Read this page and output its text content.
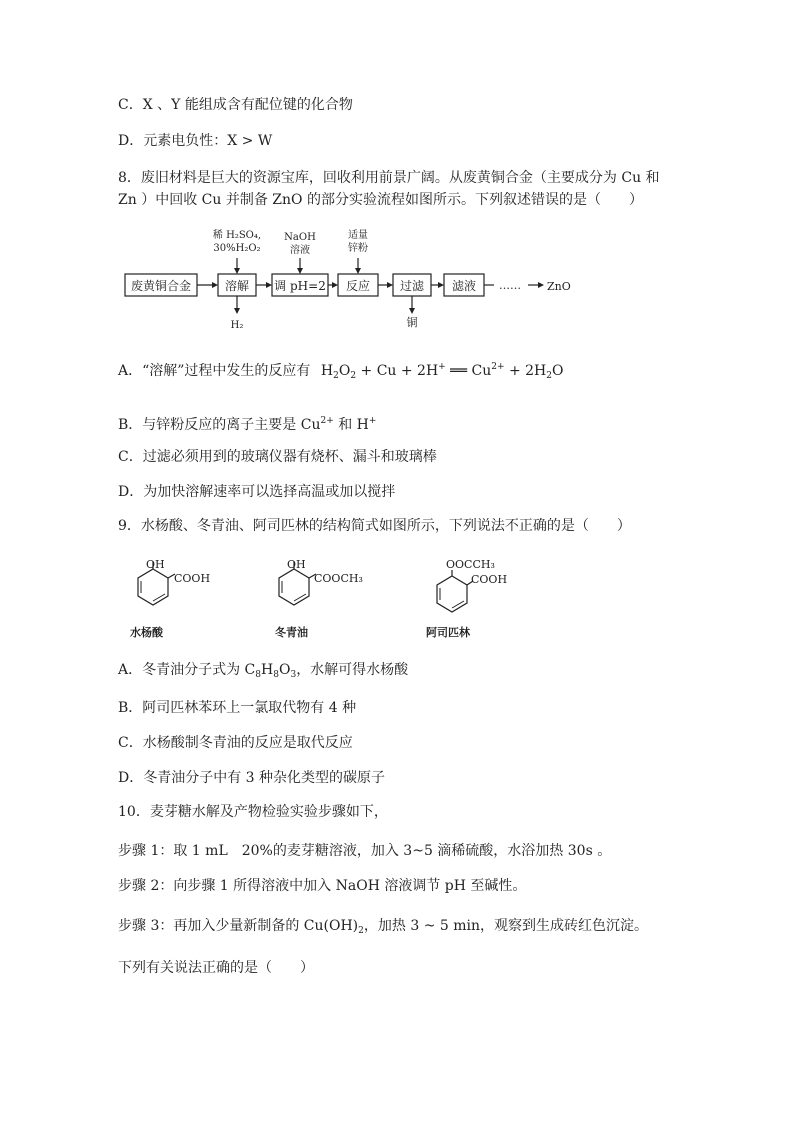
C．X 、Y 能组成含有配位键的化合物
D．元素电负性：X > W
8．废旧材料是巨大的资源宝库，回收利用前景广阔。从废黄铜合金（主要成分为 Cu 和
Zn ）中回收 Cu 并制备 ZnO 的部分实验流程如图所示。下列叙述错误的是（　　）
废黄铜合金	溶解 调 pH=2 反应 过滤 滤液
稀 H₂SO₄,
30%H₂O₂
NaOH
溶液
适量
锌粉
H₂	铜
…… ZnO
A．“溶解”过程中发生的反应有 $H_2O_2 + Cu + 2H^+$ ══ $Cu^{2+} + 2H_2O$
B．与锌粉反应的离子主要是 $Cu^{2+}$ 和 H+
C．过滤必须用到的玻璃仪器有烧杯、漏斗和玻璃棒
D．为加快溶解速率可以选择高温或加以搅拌
9．水杨酸、冬青油、阿司匹林的结构简式如图所示，下列说法不正确的是（　　）
OH
COOH
水杨酸
OH
COOCH₃
冬青油
OOCCH₃
COOH
阿司匹林
A．冬青油分子式为 $C_8H_8O_3$，水解可得水杨酸
B．阿司匹林苯环上一氯取代物有 4 种
C．水杨酸制冬青油的反应是取代反应
D．冬青油分子中有 3 种杂化类型的碳原子
10．麦芽糖水解及产物检验实验步骤如下，
步骤 1：取 1 mL　20%的麦芽糖溶液，加入 3~5 滴稀硫酸，水浴加热 30s 。
步骤 2：向步骤 1 所得溶液中加入 NaOH 溶液调节 pH 至碱性。
步骤 3：再加入少量新制备的 $Cu(OH)_2$，加热 3 ~ 5 min，观察到生成砖红色沉淀。
下列有关说法正确的是（　　）
